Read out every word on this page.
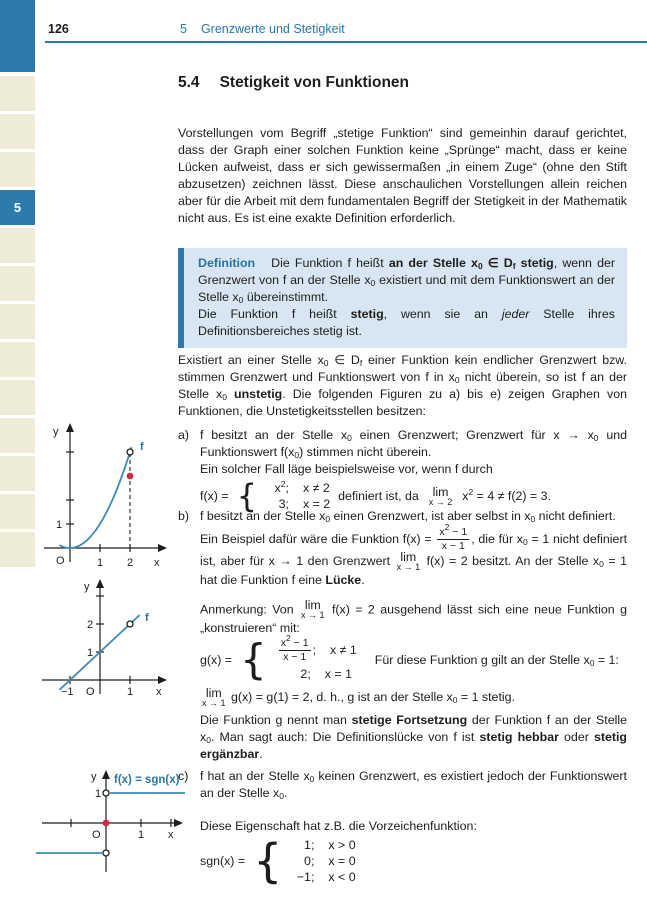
5
126	5 Grenzwerte und Stetigkeit
5.4 Stetigkeit von Funktionen

Vorstellungen vom Begriff „stetige Funktion“ sind gemeinhin darauf gerichtet, dass der Graph einer solchen Funktion keine „Sprünge“ macht, dass er keine Lücken aufweist, dass er sich gewissermaßen „in einem Zuge“ (ohne den Stift abzusetzen) zeichnen lässt. Diese anschaulichen Vorstellungen allein reichen aber für die Arbeit mit dem fundamentalen Begriff der Stetigkeit in der Mathematik nicht aus. Es ist eine exakte Definition erforderlich.

Definition Die Funktion f heißt an der Stelle $x_0$ ∈ $D_f$ stetig, wenn der Grenzwert von f an der Stelle $x_0$ existiert und mit dem Funktionswert an der Stelle $x_0$ übereinstimmt.
Die Funktion f heißt stetig, wenn sie an jeder Stelle ihres Definitionsbereiches stetig ist.

Existiert an einer Stelle $x_0$ ∈ $D_f$ einer Funktion kein endlicher Grenzwert bzw. stimmen Grenzwert und Funktionswert von f in $x_0$ nicht überein, so ist f an der Stelle $x_0$ unstetig. Die folgenden Figuren zu a) bis e) zeigen Graphen von Funktionen, die Unstetigkeitsstellen besitzen:

a) f besitzt an der Stelle $x_0$ einen Grenzwert; Grenzwert für $x \to x_0$ und Funktionswert $f(x_0)$ stimmen nicht überein.
Ein solcher Fall läge beispielsweise vor, wenn f durch

f(x) = {	$x^2$; x ≠ 2
3; x = 2
definiert ist, da lim
x → 2 $x^2 = 4 \ne f(2) = 3$.
b) f besitzt an der Stelle $x_0$ einen Grenzwert, ist aber selbst in $x_0$ nicht definiert.

Ein Beispiel dafür wäre die Funktion $f(x) = \frac{x^2 - 1}{x - 1}$ , die für $x_0 = 1$ nicht definiert ist, aber für x → 1 den Grenzwert lim
x → 1 f(x) = 2 besitzt. An der Stelle $x_0 = 1$ hat die Funktion f eine Lücke.

Anmerkung: Von lim
x → 1 f(x) = 2 ausgehend lässt sich eine neue Funktion g „konstruieren“ mit:

g(x) = { $\frac{x^2 - 1}{x - 1}$ ; x ≠ 1
2; x = 1
Für diese Funktion g gilt an der Stelle $x_0 = 1$:

lim
x → 1 g(x) = g(1) = 2, d. h., g ist an der Stelle $x_0 = 1$ stetig.

Die Funktion g nennt man stetige Fortsetzung der Funktion f an der Stelle $x_0$. Man sagt auch: Die Definitionslücke von f ist stetig hebbar oder stetig ergänzbar.

c) f hat an der Stelle $x_0$ keinen Grenzwert, es existiert jedoch der Funktionswert an der Stelle $x_0$.

Diese Eigenschaft hat z.B. die Vorzeichenfunktion:

sgn(x) = {	1; x > 0
0; x = 0
−1; x < 0
f
y
1
O	1 2 x
f
y
2
1
−1 O	1 x
y f(x) = sgn(x)
1
O	1 x
